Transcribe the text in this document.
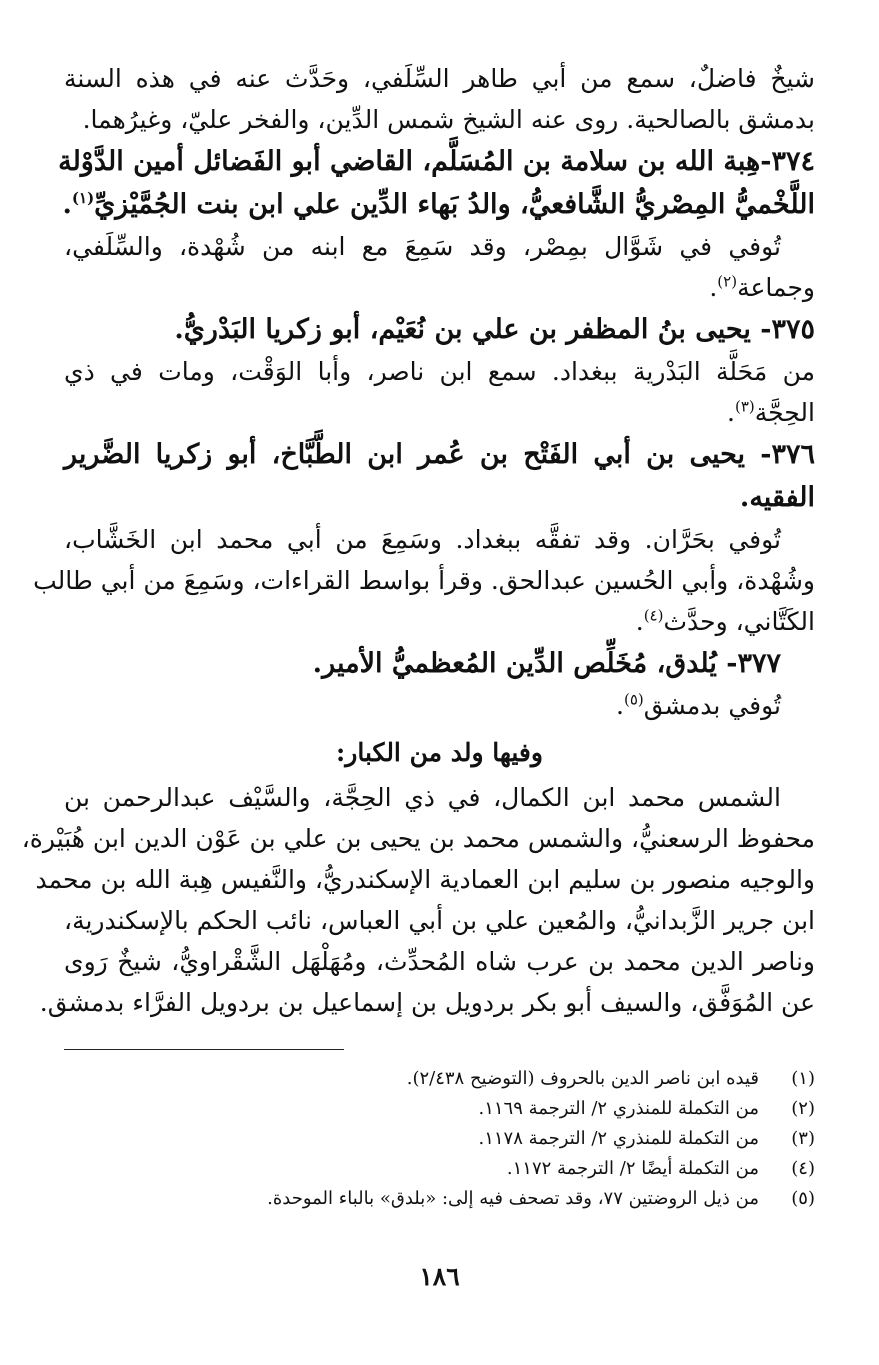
شيخٌ فاضلٌ، سمع من أبي طاهر السِّلَفي، وحَدَّث عنه في هذه السنة
بدمشق بالصالحية. روى عنه الشيخ شمس الدِّين، والفخر عليّ، وغيرُهما.
٣٧٤-هِبة الله بن سلامة بن المُسَلَّم، القاضي أبو الفَضائل أمين الدَّوْلة
اللَّخْميُّ المِصْريُّ الشَّافعيُّ، والدُ بَهاء الدِّين علي ابن بنت الجُمَّيْزيِّ$^{(١)}$.
تُوفي في شَوَّال بمِصْر، وقد سَمِعَ مع ابنه من شُهْدة، والسِّلَفي،
وجماعة$^{(٢)}$.
٣٧٥- يحيى بنُ المظفر بن علي بن نُعَيْم، أبو زكريا البَدْريُّ.
من مَحَلَّة البَدْرية ببغداد. سمع ابن ناصر، وأبا الوَقْت، ومات في ذي
الحِجَّة$^{(٣)}$.
٣٧٦- يحيى بن أبي الفَتْح بن عُمر ابن الطَّبَّاخ، أبو زكريا الضَّرير
الفقيه.
تُوفي بحَرَّان. وقد تفقَّه ببغداد. وسَمِعَ من أبي محمد ابن الخَشَّاب،
وشُهْدة، وأبي الحُسين عبدالحق. وقرأ بواسط القراءات، وسَمِعَ من أبي طالب
الكَتَّاني، وحدَّث$^{(٤)}$.
٣٧٧- يُلدق، مُخَلِّص الدِّين المُعظميُّ الأمير.
تُوفي بدمشق$^{(٥)}$.
وفيها ولد من الكبار:
الشمس محمد ابن الكمال، في ذي الحِجَّة، والسَّيْف عبدالرحمن بن
محفوظ الرسعنيُّ، والشمس محمد بن يحيى بن علي بن عَوْن الدين ابن هُبَيْرة،
والوجيه منصور بن سليم ابن العمادية الإسكندريُّ، والنَّفيس هِبة الله بن محمد
ابن جرير الزَّبدانيُّ، والمُعين علي بن أبي العباس، نائب الحكم بالإسكندرية،
وناصر الدين محمد بن عرب شاه المُحدِّث، ومُهَلْهَل الشَّقْراويُّ، شيخٌ رَوى
عن المُوَفَّق، والسيف أبو بكر بردويل بن إسماعيل بن بردويل الفرَّاء بدمشق.
(١)
قيده ابن ناصر الدين بالحروف (التوضيح ٢/٤٣٨).
(٢)
من التكملة للمنذري ٢/ الترجمة ١١٦٩.
(٣)
من التكملة للمنذري ٢/ الترجمة ١١٧٨.
(٤)
من التكملة أيضًا ٢/ الترجمة ١١٧٢.
(٥)
من ذيل الروضتين ٧٧، وقد تصحف فيه إلى: «بلدق» بالباء الموحدة.
١٨٦
